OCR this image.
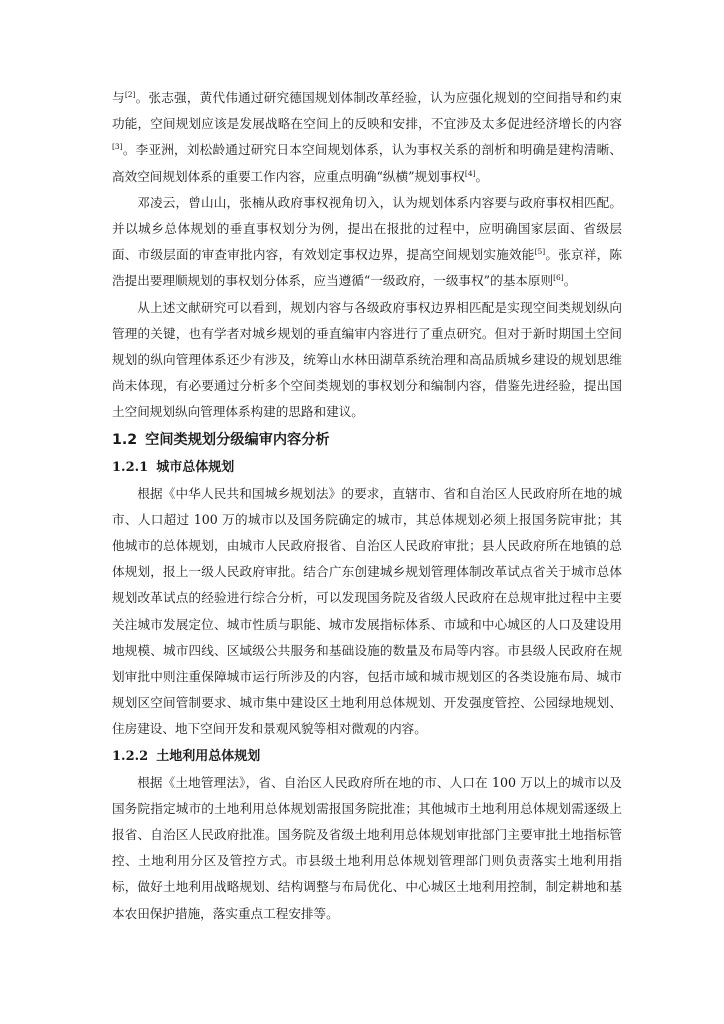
与[2]。张志强，黄代伟通过研究德国规划体制改革经验，认为应强化规划的空间指导和约束功能，空间规划应该是发展战略在空间上的反映和安排，不宜涉及太多促进经济增长的内容[3]。李亚洲，刘松龄通过研究日本空间规划体系，认为事权关系的剖析和明确是建构清晰、高效空间规划体系的重要工作内容，应重点明确“纵横”规划事权[4]。

邓凌云，曾山山，张楠从政府事权视角切入，认为规划体系内容要与政府事权相匹配。并以城乡总体规划的垂直事权划分为例，提出在报批的过程中，应明确国家层面、省级层面、市级层面的审查审批内容，有效划定事权边界，提高空间规划实施效能[5]。张京祥，陈浩提出要理顺规划的事权划分体系，应当遵循“一级政府，一级事权”的基本原则[6]。

从上述文献研究可以看到，规划内容与各级政府事权边界相匹配是实现空间类规划纵向管理的关键，也有学者对城乡规划的垂直编审内容进行了重点研究。但对于新时期国土空间规划的纵向管理体系还少有涉及，统筹山水林田湖草系统治理和高品质城乡建设的规划思维尚未体现，有必要通过分析多个空间类规划的事权划分和编制内容，借鉴先进经验，提出国土空间规划纵向管理体系构建的思路和建议。

1.2 空间类规划分级编审内容分析
1.2.1 城市总体规划

根据《中华人民共和国城乡规划法》的要求，直辖市、省和自治区人民政府所在地的城市、人口超过 100 万的城市以及国务院确定的城市，其总体规划必须上报国务院审批；其他城市的总体规划，由城市人民政府报省、自治区人民政府审批；县人民政府所在地镇的总体规划，报上一级人民政府审批。结合广东创建城乡规划管理体制改革试点省关于城市总体规划改革试点的经验进行综合分析，可以发现国务院及省级人民政府在总规审批过程中主要关注城市发展定位、城市性质与职能、城市发展指标体系、市域和中心城区的人口及建设用地规模、城市四线、区域级公共服务和基础设施的数量及布局等内容。市县级人民政府在规划审批中则注重保障城市运行所涉及的内容，包括市域和城市规划区的各类设施布局、城市规划区空间管制要求、城市集中建设区土地利用总体规划、开发强度管控、公园绿地规划、住房建设、地下空间开发和景观风貌等相对微观的内容。

1.2.2 土地利用总体规划

根据《土地管理法》，省、自治区人民政府所在地的市、人口在 100 万以上的城市以及国务院指定城市的土地利用总体规划需报国务院批准；其他城市土地利用总体规划需逐级上报省、自治区人民政府批准。国务院及省级土地利用总体规划审批部门主要审批土地指标管控、土地利用分区及管控方式。市县级土地利用总体规划管理部门则负责落实土地利用指标，做好土地利用战略规划、结构调整与布局优化、中心城区土地利用控制，制定耕地和基本农田保护措施，落实重点工程安排等。
